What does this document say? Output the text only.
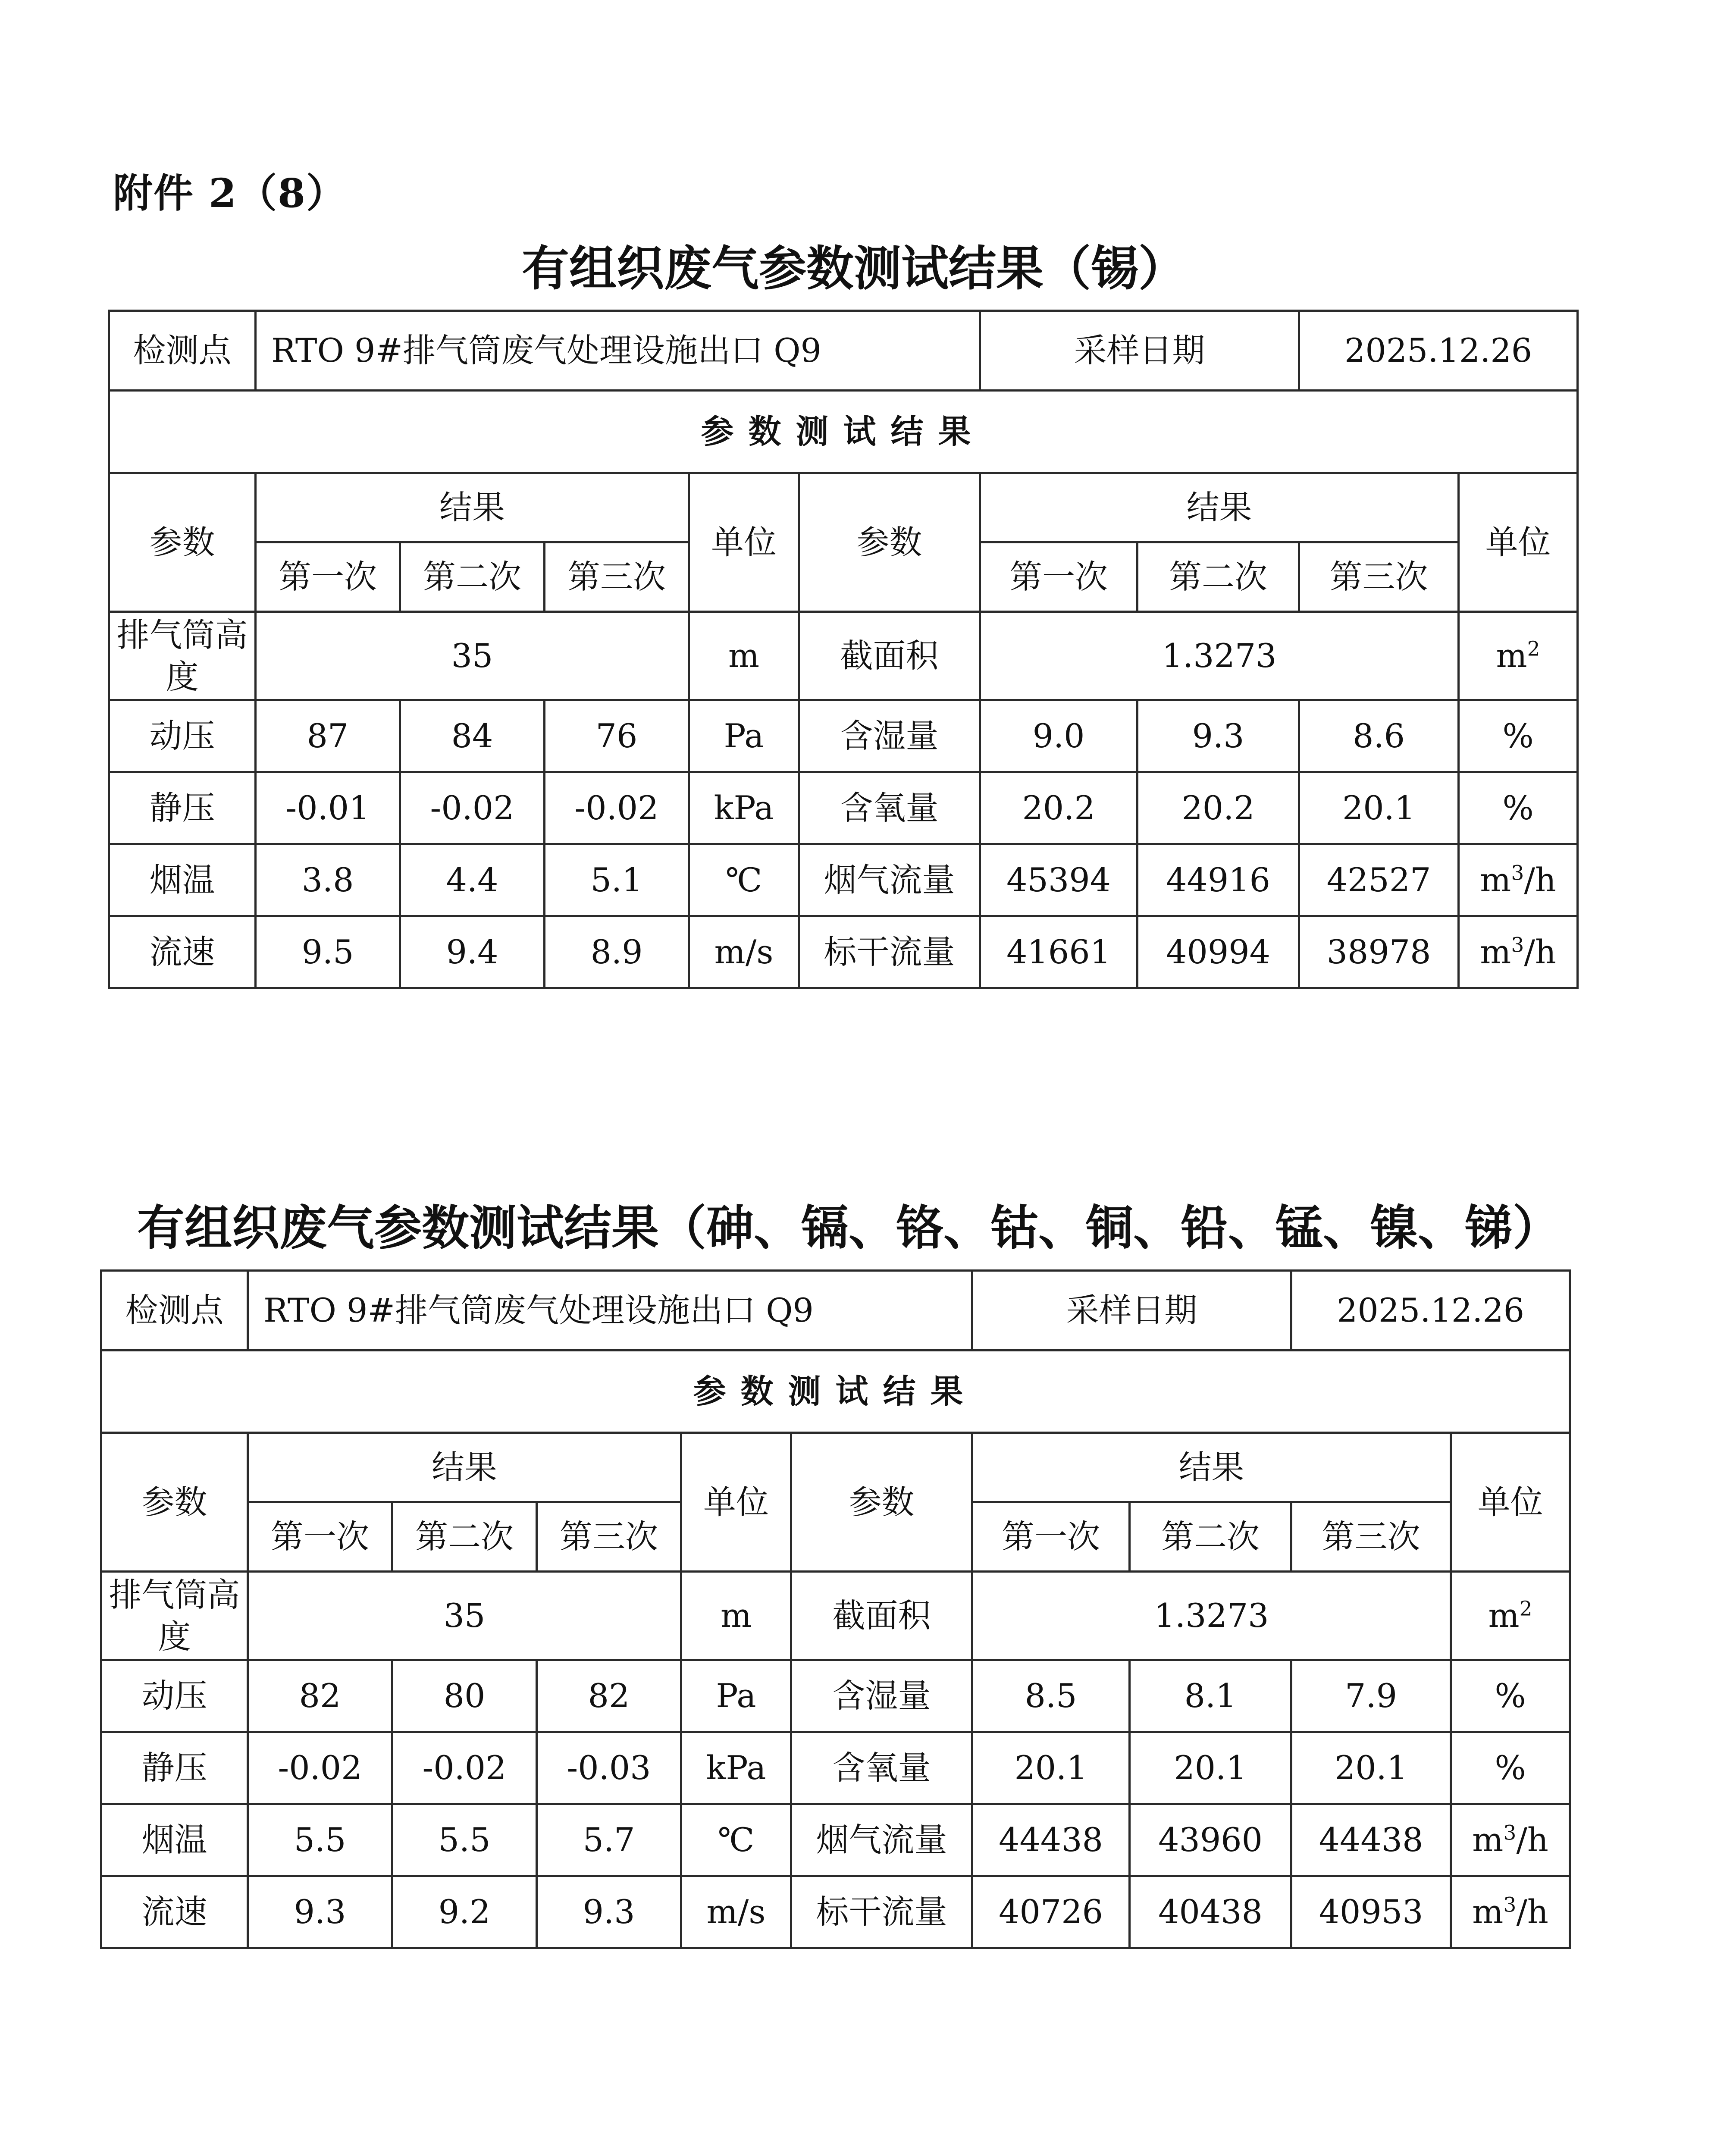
附件 2（8）
有组织废气参数测试结果（锡）
检测点	RTO 9#排气筒废气处理设施出口 Q9					采样日期		2025.12.26	
参数测试结果									
参数	结果			单位	参数	结果			单位
	第一次	第二次	第三次			第一次	第二次	第三次	
排气筒高度	35			m	截面积	1.3273			$m^2$
动压	87	84	76	Pa	含湿量	9.0	9.3	8.6	%
静压	-0.01	-0.02	-0.02	kPa	含氧量	20.2	20.2	20.1	%
烟温	3.8	4.4	5.1	℃	烟气流量	45394	44916	42527	$m^3/h$
流速	9.5	9.4	8.9	m/s	标干流量	41661	40994	38978	$m^3/h$
有组织废气参数测试结果（砷、镉、铬、钴、铜、铅、锰、镍、锑）
检测点	RTO 9#排气筒废气处理设施出口 Q9					采样日期		2025.12.26	
参数测试结果									
参数	结果			单位	参数	结果			单位
	第一次	第二次	第三次			第一次	第二次	第三次	
排气筒高度	35			m	截面积	1.3273			$m^2$
动压	82	80	82	Pa	含湿量	8.5	8.1	7.9	%
静压	-0.02	-0.02	-0.03	kPa	含氧量	20.1	20.1	20.1	%
烟温	5.5	5.5	5.7	℃	烟气流量	44438	43960	44438	$m^3/h$
流速	9.3	9.2	9.3	m/s	标干流量	40726	40438	40953	$m^3/h$
